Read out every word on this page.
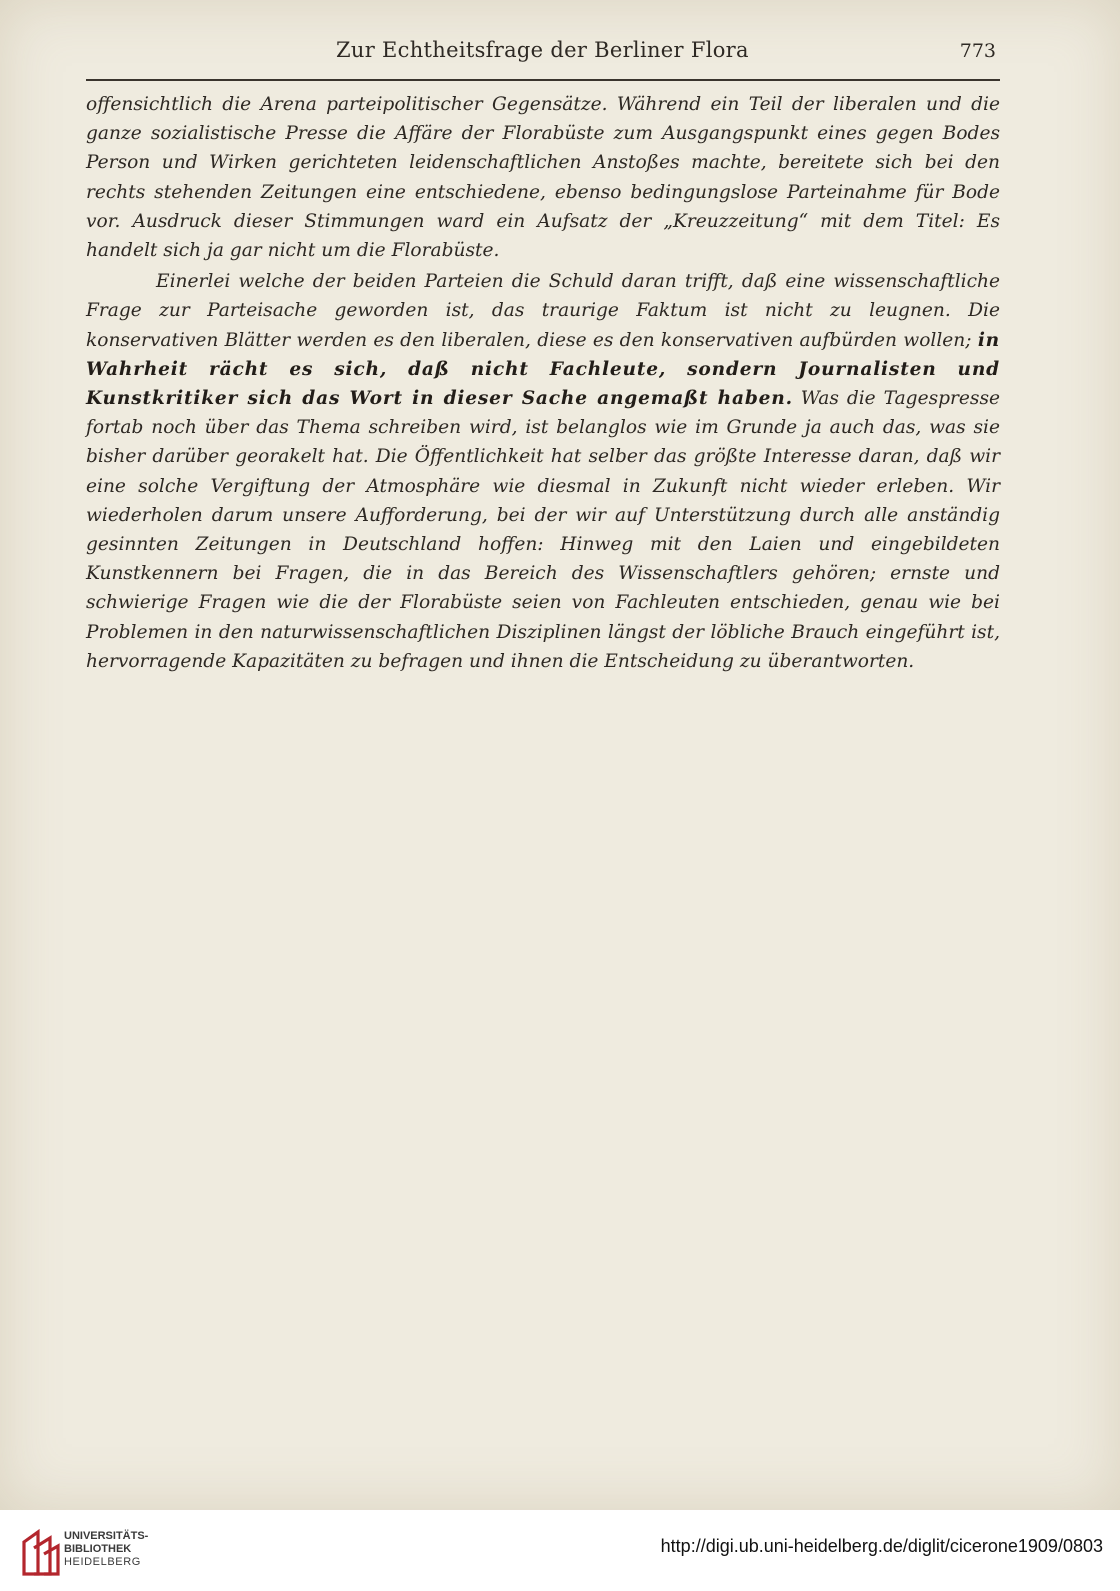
Zur Echtheitsfrage der Berliner Flora	773

offensichtlich die Arena parteipolitischer Gegensätze. Während ein Teil der liberalen und die ganze sozialistische Presse die Affäre der Florabüste zum Ausgangspunkt eines gegen Bodes Person und Wirken gerichteten leidenschaftlichen Anstoßes machte, bereitete sich bei den rechts stehenden Zeitungen eine entschiedene, ebenso bedingungslose Parteinahme für Bode vor. Ausdruck dieser Stimmungen ward ein Aufsatz der „Kreuzzeitung“ mit dem Titel: Es handelt sich ja gar nicht um die Florabüste.

Einerlei welche der beiden Parteien die Schuld daran trifft, daß eine wissenschaftliche Frage zur Parteisache geworden ist, das traurige Faktum ist nicht zu leugnen. Die konservativen Blätter werden es den liberalen, diese es den konservativen aufbürden wollen; in Wahrheit rächt es sich, daß nicht Fachleute, sondern Journalisten und Kunstkritiker sich das Wort in dieser Sache angemaßt haben. Was die Tagespresse fortab noch über das Thema schreiben wird, ist belanglos wie im Grunde ja auch das, was sie bisher darüber georakelt hat. Die Öffentlichkeit hat selber das größte Interesse daran, daß wir eine solche Vergiftung der Atmosphäre wie diesmal in Zukunft nicht wieder erleben. Wir wiederholen darum unsere Aufforderung, bei der wir auf Unterstützung durch alle anständig gesinnten Zeitungen in Deutschland hoffen: Hinweg mit den Laien und eingebildeten Kunstkennern bei Fragen, die in das Bereich des Wissenschaftlers gehören; ernste und schwierige Fragen wie die der Florabüste seien von Fachleuten entschieden, genau wie bei Problemen in den naturwissenschaftlichen Disziplinen längst der löbliche Brauch eingeführt ist, hervorragende Kapazitäten zu befragen und ihnen die Entscheidung zu überantworten.

UNIVERSITÄTS-
BIBLIOTHEK
HEIDELBERG
http://digi.ub.uni-heidelberg.de/diglit/cicerone1909/0803
